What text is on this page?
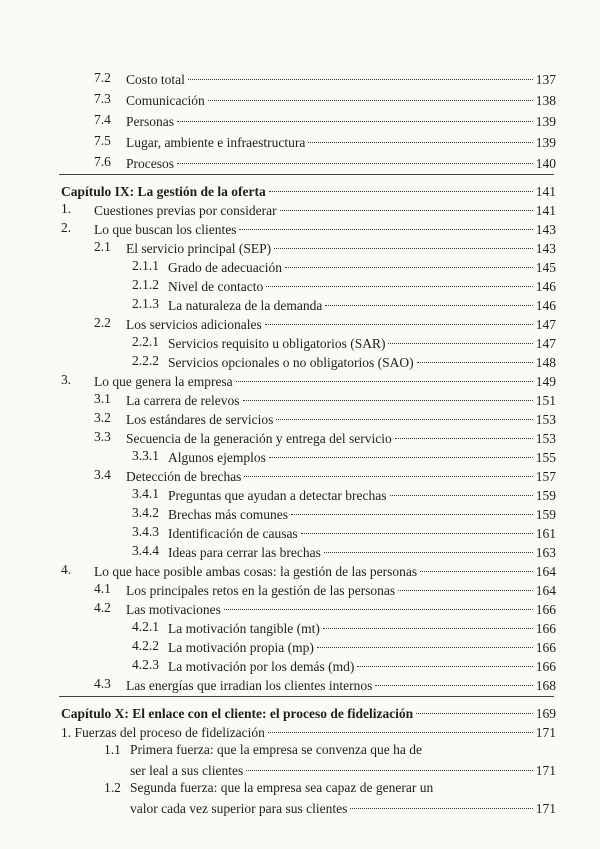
7.2 Costo total	137
7.3 Comunicación	138
7.4 Personas	139
7.5 Lugar, ambiente e infraestructura	139
7.6 Procesos	140
Capítulo IX: La gestión de la oferta	141
1. Cuestiones previas por considerar	141
2. Lo que buscan los clientes	143
2.1 El servicio principal (SEP)	143
2.1.1 Grado de adecuación	145
2.1.2 Nivel de contacto	146
2.1.3 La naturaleza de la demanda	146
2.2 Los servicios adicionales	147
2.2.1 Servicios requisito u obligatorios (SAR)	147
2.2.2 Servicios opcionales o no obligatorios (SAO)	148
3. Lo que genera la empresa	149
3.1 La carrera de relevos	151
3.2 Los estándares de servicios	153
3.3 Secuencia de la generación y entrega del servicio	153
3.3.1 Algunos ejemplos	155
3.4 Detección de brechas	157
3.4.1 Preguntas que ayudan a detectar brechas	159
3.4.2 Brechas más comunes	159
3.4.3 Identificación de causas	161
3.4.4 Ideas para cerrar las brechas	163
4. Lo que hace posible ambas cosas: la gestión de las personas	164
4.1 Los principales retos en la gestión de las personas	164
4.2 Las motivaciones	166
4.2.1 La motivación tangible (mt)	166
4.2.2 La motivación propia (mp)	166
4.2.3 La motivación por los demás (md)	166
4.3 Las energías que irradian los clientes internos	168
Capítulo X: El enlace con el cliente: el proceso de fidelización	169
1. Fuerzas del proceso de fidelización	171
1.1 Primera fuerza: que la empresa se convenza que ha de
ser leal a sus clientes	171
1.2 Segunda fuerza: que la empresa sea capaz de generar un
valor cada vez superior para sus clientes	171
